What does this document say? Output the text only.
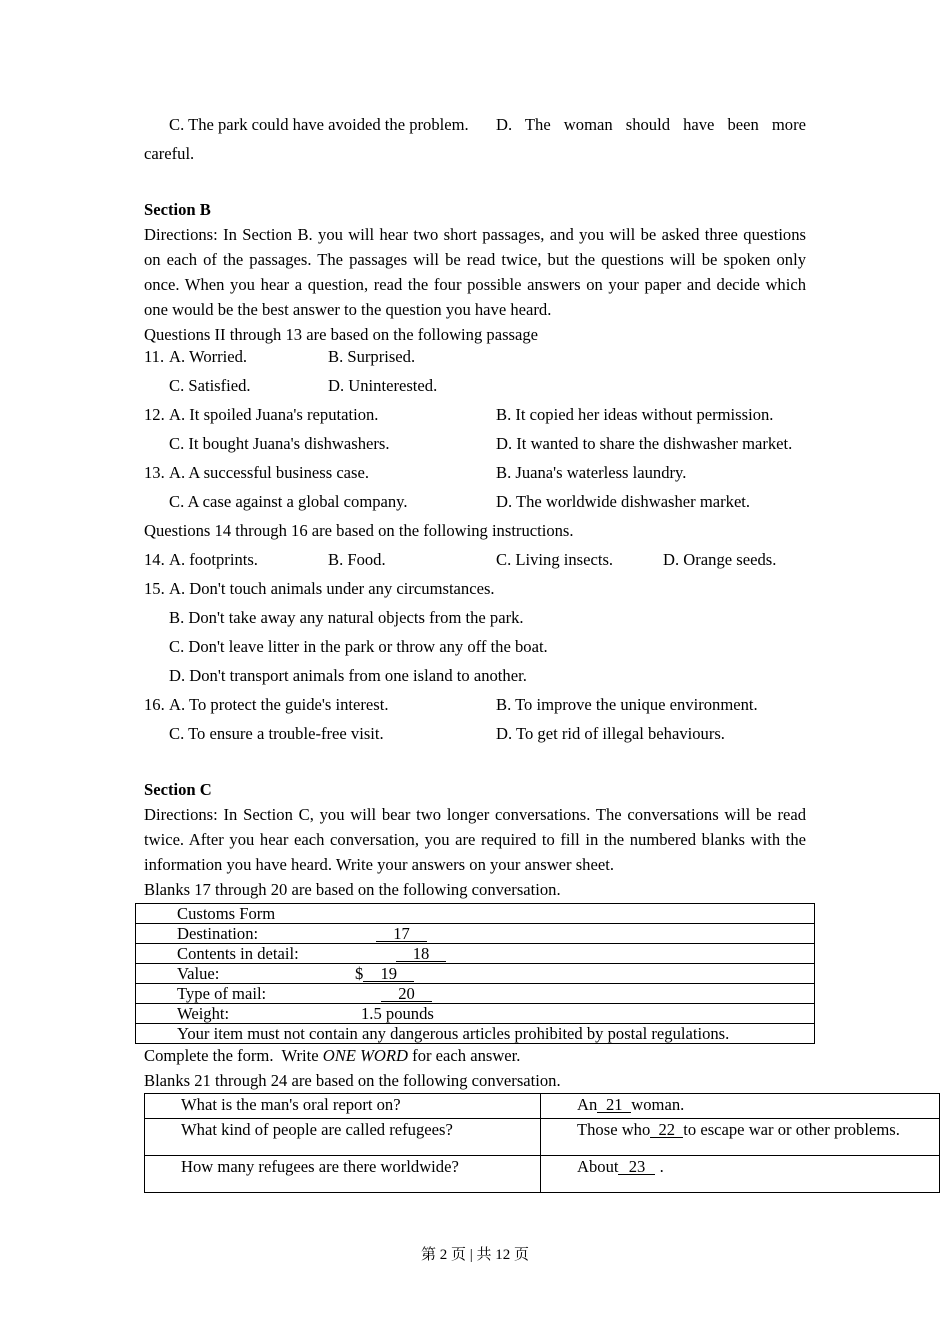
C. The park could have avoided the problem. D. The woman should have been more
careful.
Section B
Directions: In Section B. you will hear two short passages, and you will be asked three questions
on each of the passages. The passages will be read twice, but the questions will be spoken only
once. When you hear a question, read the four possible answers on your paper and decide which
one would be the best answer to the question you have heard.
Questions II through 13 are based on the following passage
11. A. Worried.	B. Surprised.
C. Satisfied.	D. Uninterested.
12. A. It spoiled Juana's reputation.	B. It copied her ideas without permission.
C. It bought Juana's dishwashers.	D. It wanted to share the dishwasher market.
13. A. A successful business case.	B. Juana's waterless laundry.
C. A case against a global company.	D. The worldwide dishwasher market.
Questions 14 through 16 are based on the following instructions.
14. A. footprints.	B. Food.	C. Living insects.	D. Orange seeds.
15. A. Don't touch animals under any circumstances.
B. Don't take away any natural objects from the park.
C. Don't leave litter in the park or throw any off the boat.
D. Don't transport animals from one island to another.
16. A. To protect the guide's interest.	B. To improve the unique environment.
C. To ensure a trouble-free visit.	D. To get rid of illegal behaviours.
Section C
Directions: In Section C, you will bear two longer conversations. The conversations will be read
twice. After you hear each conversation, you are required to fill in the numbered blanks with the
information you have heard. Write your answers on your answer sheet.
Blanks 17 through 20 are based on the following conversation.
Customs Form
Destination:	17
Contents in detail:	18
Value:	$ 19
Type of mail:	20
Weight:	1.5 pounds
Your item must not contain any dangerous articles prohibited by postal regulations.
Complete the form.  Write ONE WORD for each answer.
Blanks 21 through 24 are based on the following conversation.
What is the man's oral report on?	An 21 woman.
What kind of people are called refugees?	Those who 22 to escape war or other problems.
How many refugees are there worldwide?	About 23 .
第 2 页 | 共 12 页
